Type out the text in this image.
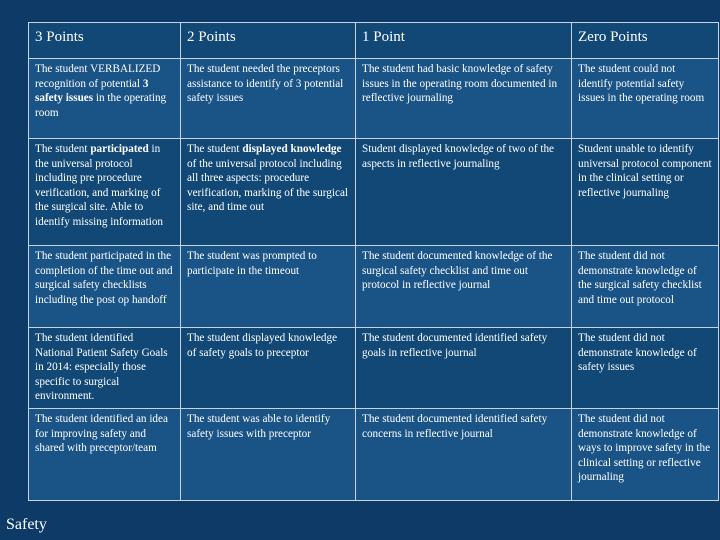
3 Points	2 Points	1 Point	Zero Points
The student VERBALIZED recognition of potential 3 safety issues in the operating room	The student needed the preceptors assistance to identify of 3 potential safety issues	The student had basic knowledge of safety issues in the operating room documented in reflective journaling	The student could not identify potential safety issues in the operating room
The student participated in the universal protocol including pre procedure verification, and marking of the surgical site. Able to identify missing information	The student displayed knowledge of the universal protocol including all three aspects: procedure verification, marking of the surgical site, and time out	Student displayed knowledge of two of the aspects in reflective journaling	Student unable to identify universal protocol component in the clinical setting or reflective journaling
The student participated in the completion of the time out and surgical safety checklists including the post op handoff	The student was prompted to participate in the timeout	The student documented knowledge of the surgical safety checklist and time out protocol in reflective journal	The student did not demonstrate knowledge of the surgical safety checklist and time out protocol
The student identified National Patient Safety Goals in 2014: especially those specific to surgical environment.	The student displayed knowledge of safety goals to preceptor	The student documented identified safety goals in reflective journal	The student did not demonstrate knowledge of safety issues
The student identified an idea for improving safety and shared with preceptor/team	The student was able to identify safety issues with preceptor	The student documented identified safety concerns in reflective journal	The student did not demonstrate knowledge of ways to improve safety in the clinical setting or reflective journaling
Safety
